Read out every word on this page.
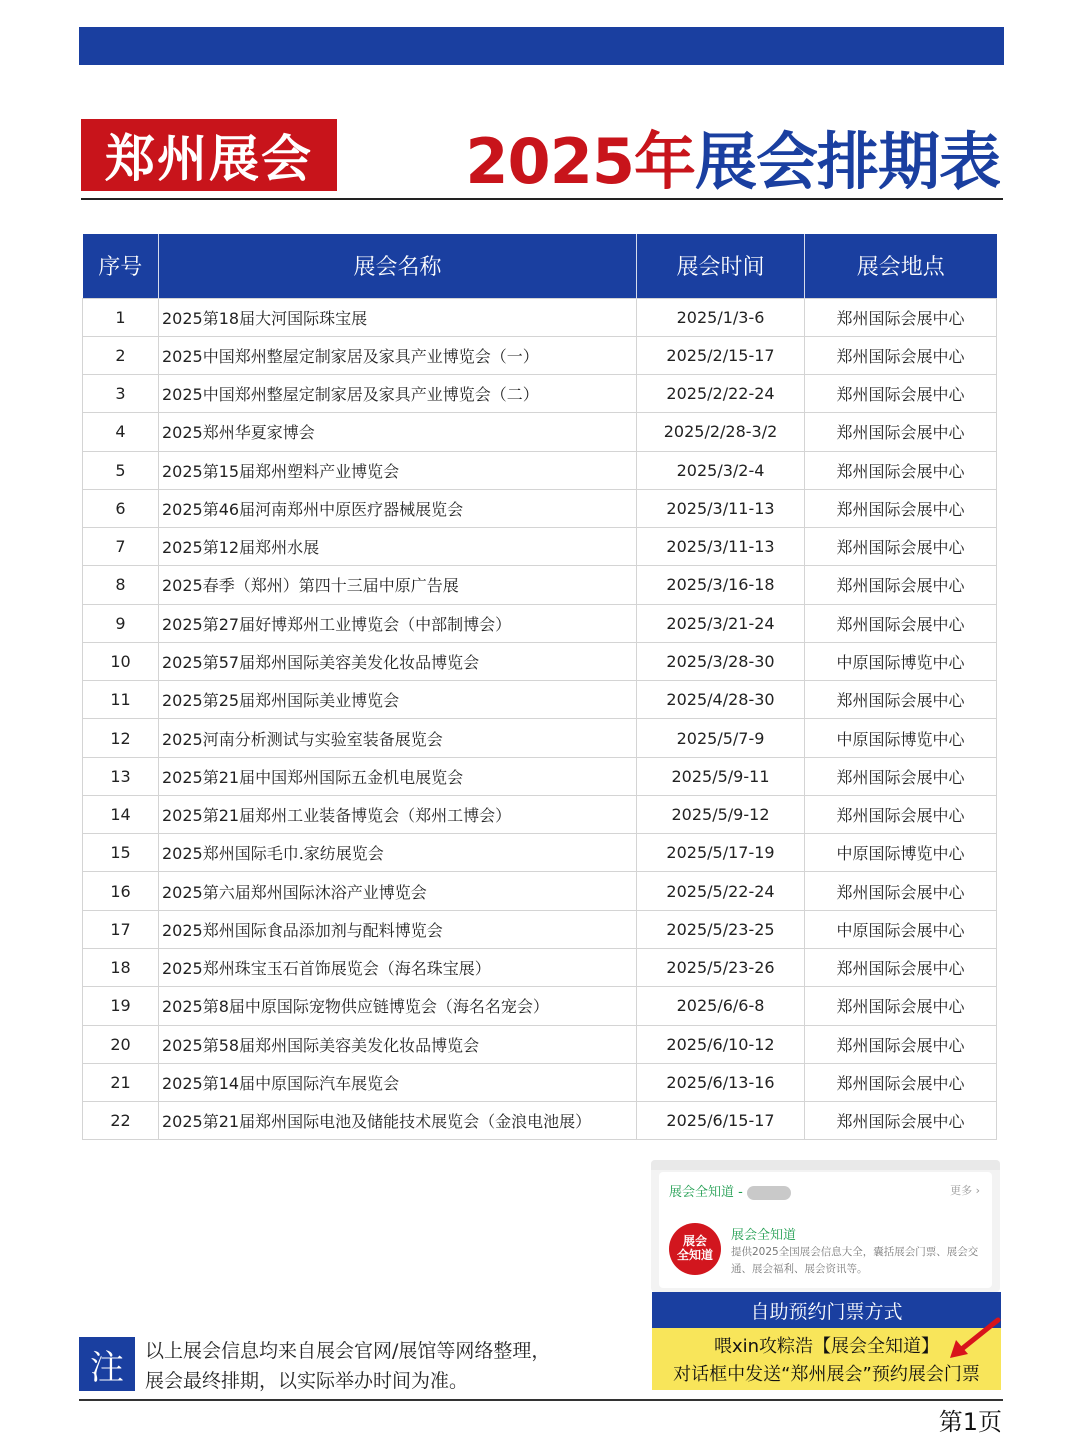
郑州展会	2025年 展会排期表
序号	展会名称	展会时间	展会地点
1	2025第18届大河国际珠宝展	2025/1/3-6	郑州国际会展中心
2	2025中国郑州整屋定制家居及家具产业博览会（一）	2025/2/15-17	郑州国际会展中心
3	2025中国郑州整屋定制家居及家具产业博览会（二）	2025/2/22-24	郑州国际会展中心
4	2025郑州华夏家博会	2025/2/28-3/2	郑州国际会展中心
5	2025第15届郑州塑料产业博览会	2025/3/2-4	郑州国际会展中心
6	2025第46届河南郑州中原医疗器械展览会	2025/3/11-13	郑州国际会展中心
7	2025第12届郑州水展	2025/3/11-13	郑州国际会展中心
8	2025春季（郑州）第四十三届中原广告展	2025/3/16-18	郑州国际会展中心
9	2025第27届好博郑州工业博览会（中部制博会）	2025/3/21-24	郑州国际会展中心
10	2025第57届郑州国际美容美发化妆品博览会	2025/3/28-30	中原国际博览中心
11	2025第25届郑州国际美业博览会	2025/4/28-30	郑州国际会展中心
12	2025河南分析测试与实验室装备展览会	2025/5/7-9	中原国际博览中心
13	2025第21届中国郑州国际五金机电展览会	2025/5/9-11	郑州国际会展中心
14	2025第21届郑州工业装备博览会（郑州工博会）	2025/5/9-12	郑州国际会展中心
15	2025郑州国际毛巾.家纺展览会	2025/5/17-19	中原国际博览中心
16	2025第六届郑州国际沐浴产业博览会	2025/5/22-24	郑州国际会展中心
17	2025郑州国际食品添加剂与配料博览会	2025/5/23-25	中原国际会展中心
18	2025郑州珠宝玉石首饰展览会（海名珠宝展）	2025/5/23-26	郑州国际会展中心
19	2025第8届中原国际宠物供应链博览会（海名名宠会）	2025/6/6-8	郑州国际会展中心
20	2025第58届郑州国际美容美发化妆品博览会	2025/6/10-12	郑州国际会展中心
21	2025第14届中原国际汽车展览会	2025/6/13-16	郑州国际会展中心
22	2025第21届郑州国际电池及储能技术展览会（金浪电池展）	2025/6/15-17	郑州国际会展中心
展会全知道 -	更多 ›
展会
全知道
展会全知道
提供2025全国展会信息大全，囊括展会门票、展会交通、展会福利、展会资讯等。
自助预约门票方式
喂xin攻粽浩【展会全知道】
对话框中发送“郑州展会”预约展会门票
注	以上展会信息均来自展会官网/展馆等网络整理，
展会最终排期，以实际举办时间为准。
第1页
